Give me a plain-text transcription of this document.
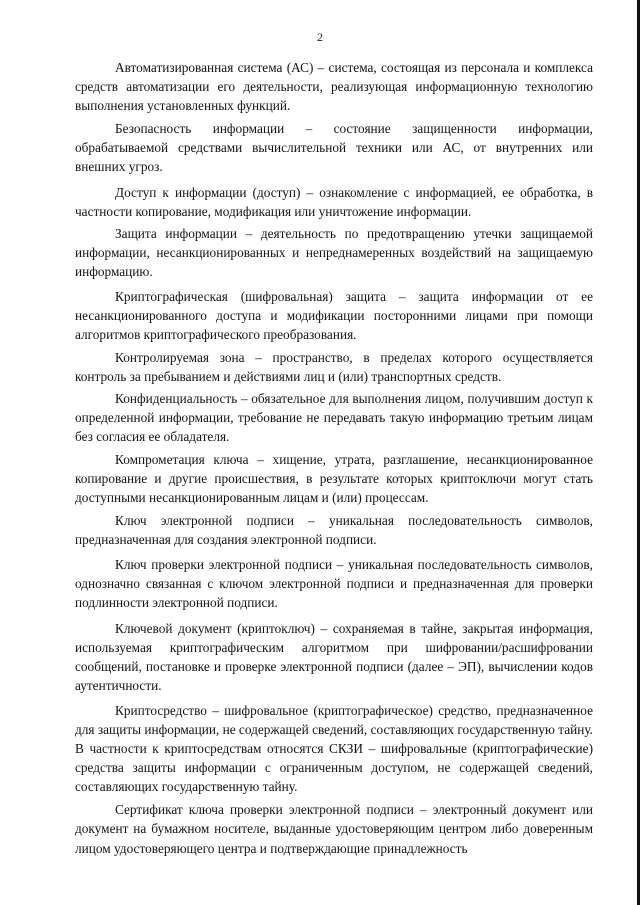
2

Автоматизированная система (АС) – система, состоящая из персонала и комплекса средств автоматизации его деятельности, реализующая информационную технологию выполнения установленных функций.

Безопасность информации – состояние защищенности информации, обрабатываемой средствами вычислительной техники или АС, от внутренних или внешних угроз.

Доступ к информации (доступ) – ознакомление с информацией, ее обработка, в частности копирование, модификация или уничтожение информации.

Защита информации – деятельность по предотвращению утечки защищаемой информации, несанкционированных и непреднамеренных воздействий на защищаемую информацию.

Криптографическая (шифровальная) защита – защита информации от ее несанкционированного доступа и модификации посторонними лицами при помощи алгоритмов криптографического преобразования.

Контролируемая зона – пространство, в пределах которого осуществляется контроль за пребыванием и действиями лиц и (или) транспортных средств.

Конфиденциальность – обязательное для выполнения лицом, получившим доступ к определенной информации, требование не передавать такую информацию третьим лицам без согласия ее обладателя.

Компрометация ключа – хищение, утрата, разглашение, несанкционированное копирование и другие происшествия, в результате которых криптоключи могут стать доступными несанкционированным лицам и (или) процессам.

Ключ электронной подписи – уникальная последовательность символов, предназначенная для создания электронной подписи.

Ключ проверки электронной подписи – уникальная последовательность символов, однозначно связанная с ключом электронной подписи и предназначенная для проверки подлинности электронной подписи.

Ключевой документ (криптоключ) – сохраняемая в тайне, закрытая информация, используемая криптографическим алгоритмом при шифровании/расшифровании сообщений, постановке и проверке электронной подписи (далее – ЭП), вычислении кодов аутентичности.

Криптосредство – шифровальное (криптографическое) средство, предназначенное для защиты информации, не содержащей сведений, составляющих государственную тайну. В частности к криптосредствам относятся СКЗИ – шифровальные (криптографические) средства защиты информации с ограниченным доступом, не содержащей сведений, составляющих государственную тайну.

Сертификат ключа проверки электронной подписи – электронный документ или документ на бумажном носителе, выданные удостоверяющим центром либо доверенным лицом удостоверяющего центра и подтверждающие принадлежность
